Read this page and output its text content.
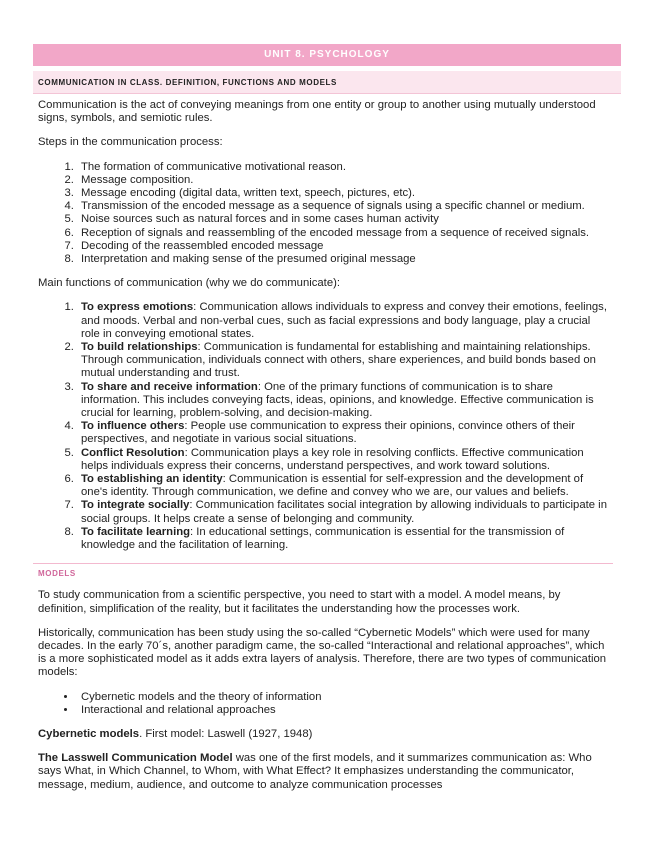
UNIT 8. PSYCHOLOGY
COMMUNICATION IN CLASS. DEFINITION, FUNCTIONS AND MODELS

Communication is the act of conveying meanings from one entity or group to another using mutually understood signs, symbols, and semiotic rules.

Steps in the communication process:

1. The formation of communicative motivational reason.
2. Message composition.
3. Message encoding (digital data, written text, speech, pictures, etc).
4. Transmission of the encoded message as a sequence of signals using a specific channel or medium.
5. Noise sources such as natural forces and in some cases human activity
6. Reception of signals and reassembling of the encoded message from a sequence of received signals.
7. Decoding of the reassembled encoded message
8. Interpretation and making sense of the presumed original message

Main functions of communication (why we do communicate):

1. To express emotions: Communication allows individuals to express and convey their emotions, feelings, and moods. Verbal and non-verbal cues, such as facial expressions and body language, play a crucial role in conveying emotional states.
2. To build relationships: Communication is fundamental for establishing and maintaining relationships. Through communication, individuals connect with others, share experiences, and build bonds based on mutual understanding and trust.
3. To share and receive information: One of the primary functions of communication is to share information. This includes conveying facts, ideas, opinions, and knowledge. Effective communication is crucial for learning, problem-solving, and decision-making.
4. To influence others: People use communication to express their opinions, convince others of their perspectives, and negotiate in various social situations.
5. Conflict Resolution: Communication plays a key role in resolving conflicts. Effective communication helps individuals express their concerns, understand perspectives, and work toward solutions.
6. To establishing an identity: Communication is essential for self-expression and the development of one's identity. Through communication, we define and convey who we are, our values and beliefs.
7. To integrate socially: Communication facilitates social integration by allowing individuals to participate in social groups. It helps create a sense of belonging and community.
8. To facilitate learning: In educational settings, communication is essential for the transmission of knowledge and the facilitation of learning.
MODELS

To study communication from a scientific perspective, you need to start with a model. A model means, by definition, simplification of the reality, but it facilitates the understanding how the processes work.

Historically, communication has been study using the so-called “Cybernetic Models” which were used for many decades. In the early 70´s, another paradigm came, the so-called “Interactional and relational approaches”, which is a more sophisticated model as it adds extra layers of analysis. Therefore, there are two types of communication models:

• Cybernetic models and the theory of information
• Interactional and relational approaches

Cybernetic models. First model: Laswell (1927, 1948)

The Lasswell Communication Model was one of the first models, and it summarizes communication as: Who says What, in Which Channel, to Whom, with What Effect? It emphasizes understanding the communicator, message, medium, audience, and outcome to analyze communication processes
